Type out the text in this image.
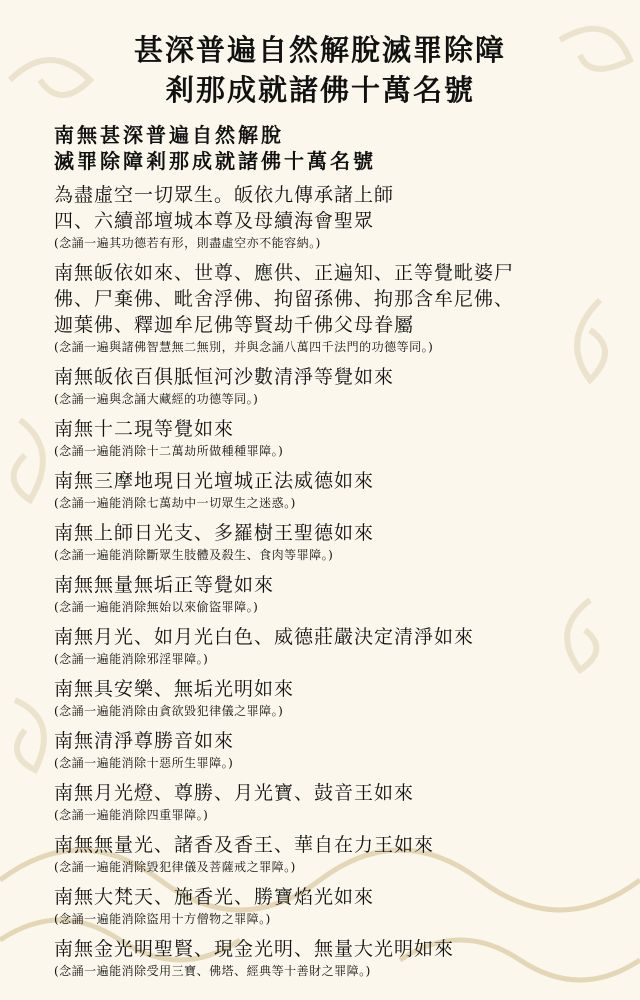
甚深普遍自然解脫滅罪除障
剎那成就諸佛十萬名號
南無甚深普遍自然解脫
滅罪除障剎那成就諸佛十萬名號
為盡虛空一切眾生。皈依九傳承諸上師
四、六續部壇城本尊及母續海會聖眾
(念誦一遍其功德若有形，則盡虛空亦不能容納。)
南無皈依如來、世尊、應供、正遍知、正等覺毗婆尸
佛、尸棄佛、毗舍浮佛、拘留孫佛、拘那含牟尼佛、
迦葉佛、釋迦牟尼佛等賢劫千佛父母眷屬
(念誦一遍與諸佛智慧無二無別，并與念誦八萬四千法門的功德等同。)
南無皈依百俱胝恒河沙數清淨等覺如來
(念誦一遍與念誦大藏經的功德等同。)
南無十二現等覺如來
(念誦一遍能消除十二萬劫所做種種罪障。)
南無三摩地現日光壇城正法威德如來
(念誦一遍能消除七萬劫中一切眾生之迷惑。)
南無上師日光支、多羅樹王聖德如來
(念誦一遍能消除斷眾生肢體及殺生、食肉等罪障。)
南無無量無垢正等覺如來
(念誦一遍能消除無始以來偷盜罪障。)
南無月光、如月光白色、威德莊嚴決定清淨如來
(念誦一遍能消除邪淫罪障。)
南無具安樂、無垢光明如來
(念誦一遍能消除由貪欲毀犯律儀之罪障。)
南無清淨尊勝音如來
(念誦一遍能消除十惡所生罪障。)
南無月光燈、尊勝、月光寶、鼓音王如來
(念誦一遍能消除四重罪障。)
南無無量光、諸香及香王、華自在力王如來
(念誦一遍能消除毀犯律儀及菩薩戒之罪障。)
南無大梵天、施香光、勝寶焰光如來
(念誦一遍能消除盜用十方僧物之罪障。)
南無金光明聖賢、現金光明、無量大光明如來
(念誦一遍能消除受用三寶、佛塔、經典等十善財之罪障。)
